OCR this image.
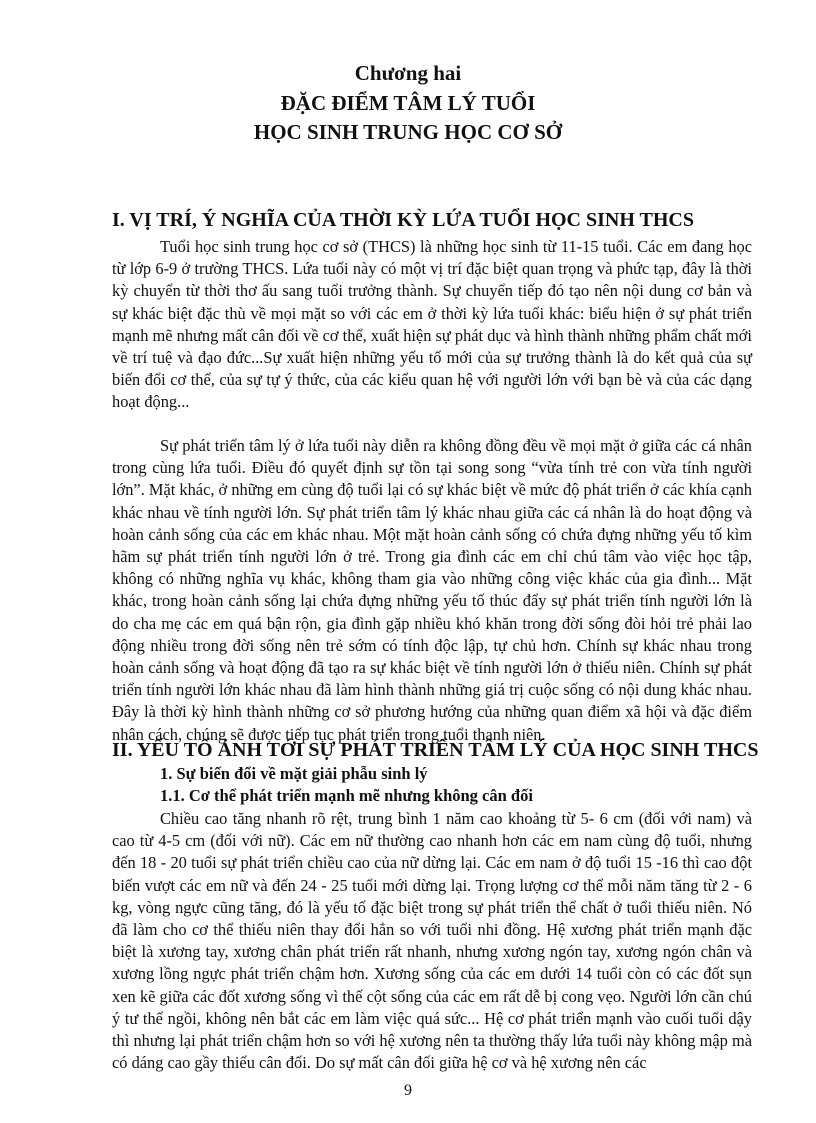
Chương hai
ĐẶC ĐIỂM TÂM LÝ TUỔI
HỌC SINH TRUNG HỌC CƠ SỞ
I. VỊ TRÍ, Ý NGHĨA CỦA THỜI KỲ LỨA TUỔI HỌC SINH THCS

Tuổi học sinh trung học cơ sở (THCS) là những học sinh từ 11-15 tuổi. Các em đang học từ lớp 6-9 ở trường THCS. Lứa tuổi này có một vị trí đặc biệt quan trọng và phức tạp, đây là thời kỳ chuyển từ thời thơ ấu sang tuổi trưởng thành. Sự chuyển tiếp đó tạo nên nội dung cơ bản và sự khác biệt đặc thù về mọi mặt so với các em ở thời kỳ lứa tuổi khác: biểu hiện ở sự phát triển mạnh mẽ nhưng mất cân đối về cơ thể, xuất hiện sự phát dục và hình thành những phẩm chất mới về trí tuệ và đạo đức...Sự xuất hiện những yếu tố mới của sự trưởng thành là do kết quả của sự biến đổi cơ thể, của sự tự ý thức, của các kiểu quan hệ với người lớn với bạn bè và của các dạng hoạt động...

Sự phát triển tâm lý ở lứa tuổi này diễn ra không đồng đều về mọi mặt ở giữa các cá nhân trong cùng lứa tuổi. Điều đó quyết định sự tồn tại song song “vừa tính trẻ con vừa tính người lớn”. Mặt khác, ở những em cùng độ tuổi lại có sự khác biệt về mức độ phát triển ở các khía cạnh khác nhau về tính người lớn. Sự phát triển tâm lý khác nhau giữa các cá nhân là do hoạt động và hoàn cảnh sống của các em khác nhau. Một mặt hoàn cảnh sống có chứa đựng những yếu tố kìm hãm sự phát triển tính người lớn ở trẻ. Trong gia đình các em chỉ chú tâm vào việc học tập, không có những nghĩa vụ khác, không tham gia vào những công việc khác của gia đình... Mặt khác, trong hoàn cảnh sống lại chứa đựng những yếu tố thúc đẩy sự phát triển tính người lớn là do cha mẹ các em quá bận rộn, gia đình gặp nhiều khó khăn trong đời sống đòi hỏi trẻ phải lao động nhiều trong đời sống nên trẻ sớm có tính độc lập, tự chủ hơn. Chính sự khác nhau trong hoàn cảnh sống và hoạt động đã tạo ra sự khác biệt về tính người lớn ở thiếu niên. Chính sự phát triển tính người lớn khác nhau đã làm hình thành những giá trị cuộc sống có nội dung khác nhau. Đây là thời kỳ hình thành những cơ sở phương hướng của những quan điểm xã hội và đặc điểm nhân cách, chúng sẽ được tiếp tục phát triển trong tuổi thanh niên.

II. YẾU TỐ ẢNH TỚI SỰ PHÁT TRIỂN TÂM LÝ CỦA HỌC SINH THCS
1. Sự biến đổi về mặt giải phẫu sinh lý
1.1. Cơ thể phát triển mạnh mẽ nhưng không cân đối

Chiều cao tăng nhanh rõ rệt, trung bình 1 năm cao khoảng từ 5- 6 cm (đối với nam) và cao từ 4-5 cm (đối với nữ). Các em nữ thường cao nhanh hơn các em nam cùng độ tuổi, nhưng đến 18 - 20 tuổi sự phát triển chiều cao của nữ dừng lại. Các em nam ở độ tuổi 15 -16 thì cao đột biến vượt các em nữ và đến 24 - 25 tuổi mới dừng lại. Trọng lượng cơ thể mỗi năm tăng từ 2 - 6 kg, vòng ngực cũng tăng, đó là yếu tố đặc biệt trong sự phát triển thể chất ở tuổi thiếu niên. Nó đã làm cho cơ thể thiếu niên thay đổi hẳn so với tuổi nhi đồng. Hệ xương phát triển mạnh đặc biệt là xương tay, xương chân phát triển rất nhanh, nhưng xương ngón tay, xương ngón chân và xương lồng ngực phát triển chậm hơn. Xương sống của các em dưới 14 tuổi còn có các đốt sụn xen kẽ giữa các đốt xương sống vì thế cột sống của các em rất dễ bị cong vẹo. Người lớn cần chú ý tư thế ngồi, không nên bắt các em làm việc quá sức... Hệ cơ phát triển mạnh vào cuối tuổi dậy thì nhưng lại phát triển chậm hơn so với hệ xương nên ta thường thấy lứa tuổi này không mập mà có dáng cao gầy thiếu cân đối. Do sự mất cân đối giữa hệ cơ và hệ xương nên các

9
